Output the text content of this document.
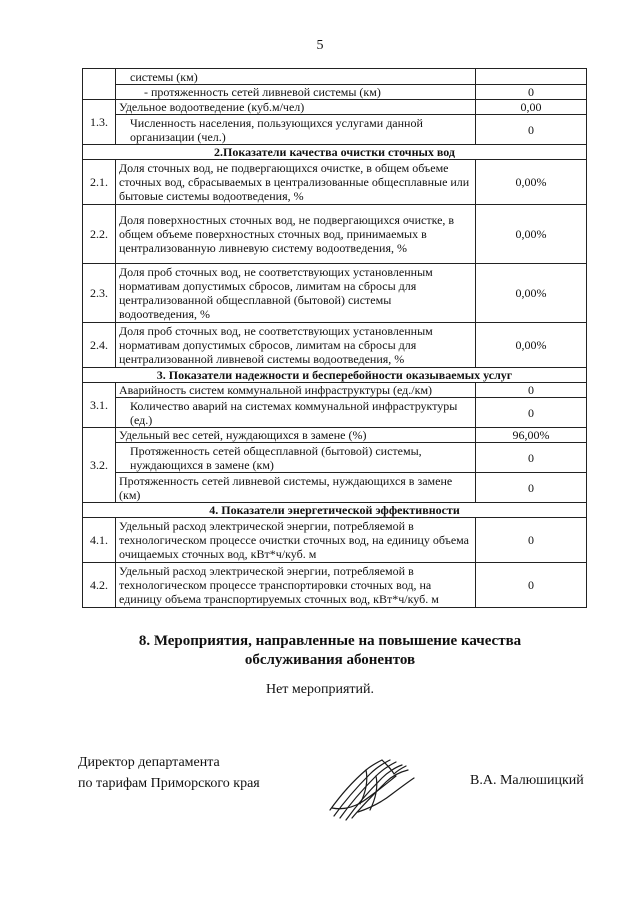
5
	системы (км)	
	- протяженность сетей ливневой системы (км)	0
1.3.	Удельное водоотведение (куб.м/чел)	0,00
	Численность населения, пользующихся услугами данной организации (чел.)	0
2.Показатели качества очистки сточных вод		
2.1.	Доля сточных вод, не подвергающихся очистке, в общем объеме сточных вод, сбрасываемых в централизованные общесплавные или бытовые системы водоотведения, %	0,00%
2.2.	Доля поверхностных сточных вод, не подвергающихся очистке, в общем объеме поверхностных сточных вод, принимаемых в централизованную ливневую систему водоотведения, %	0,00%
2.3.	Доля проб сточных вод, не соответствующих установленным нормативам допустимых сбросов, лимитам на сбросы для централизованной общесплавной (бытовой) системы водоотведения, %	0,00%
2.4.	Доля проб сточных вод, не соответствующих установленным нормативам допустимых сбросов, лимитам на сбросы для централизованной ливневой системы водоотведения, %	0,00%
3. Показатели надежности и бесперебойности оказываемых услуг		
3.1.	Аварийность систем коммунальной инфраструктуры (ед./км)	0
	Количество аварий на системах коммунальной инфраструктуры (ед.)	0
3.2.	Удельный вес сетей, нуждающихся в замене (%)	96,00%
	Протяженность сетей общесплавной (бытовой) системы, нуждающихся в замене (км)	0
	Протяженность сетей ливневой системы, нуждающихся в замене (км)	0
4. Показатели энергетической эффективности		
4.1.	Удельный расход электрической энергии, потребляемой в технологическом процессе очистки сточных вод, на единицу объема очищаемых сточных вод, кВт*ч/куб. м	0
4.2.	Удельный расход электрической энергии, потребляемой в технологическом процессе транспортировки сточных вод, на единицу объема транспортируемых сточных вод, кВт*ч/куб. м	0
8. Мероприятия, направленные на повышение качества
обслуживания абонентов
Нет мероприятий.
Директор департамента
по тарифам Приморского края	В.А. Малюшицкий
